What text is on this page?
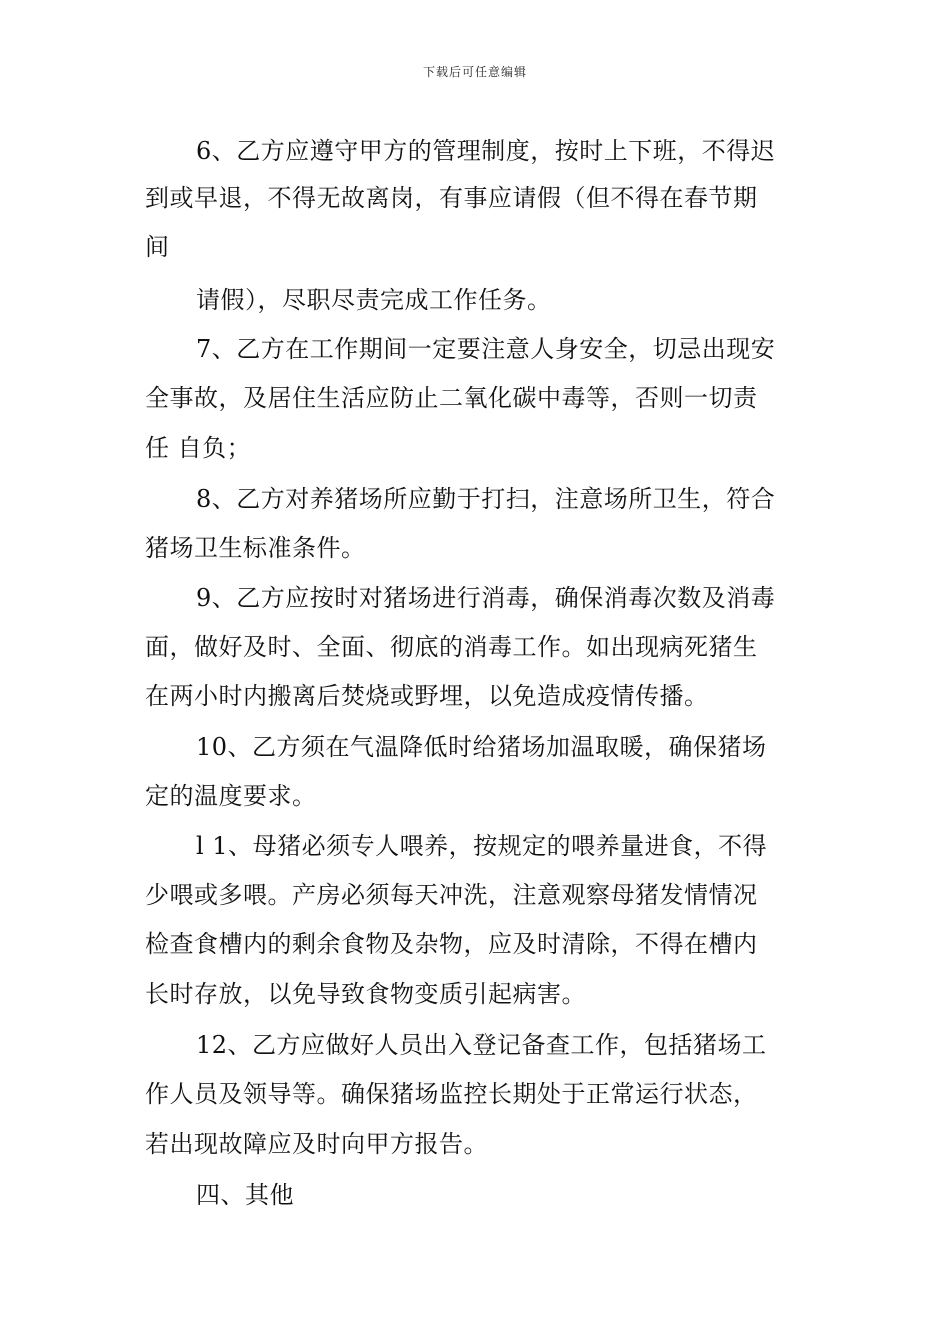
下载后可任意编辑
6、乙方应遵守甲方的管理制度，按时上下班，不得迟
到或早退，不得无故离岗，有事应请假（但不得在春节期
间
请假），尽职尽责完成工作任务。
7、乙方在工作期间一定要注意人身安全，切忌出现安
全事故，及居住生活应防止二氧化碳中毒等，否则一切责
任 自负；
8、乙方对养猪场所应勤于打扫，注意场所卫生，符合
猪场卫生标准条件。
9、乙方应按时对猪场进行消毒，确保消毒次数及消毒
面，做好及时、全面、彻底的消毒工作。如出现病死猪生
在两小时内搬离后焚烧或野埋，以免造成疫情传播。
10、乙方须在气温降低时给猪场加温取暖，确保猪场
定的温度要求。
l 1、母猪必须专人喂养，按规定的喂养量进食，不得
少喂或多喂。产房必须每天冲洗，注意观察母猪发情情况
检查食槽内的剩余食物及杂物，应及时清除，不得在槽内
长时存放，以免导致食物变质引起病害。
12、乙方应做好人员出入登记备查工作，包括猪场工
作人员及领导等。确保猪场监控长期处于正常运行状态，
若出现故障应及时向甲方报告。
四、其他
